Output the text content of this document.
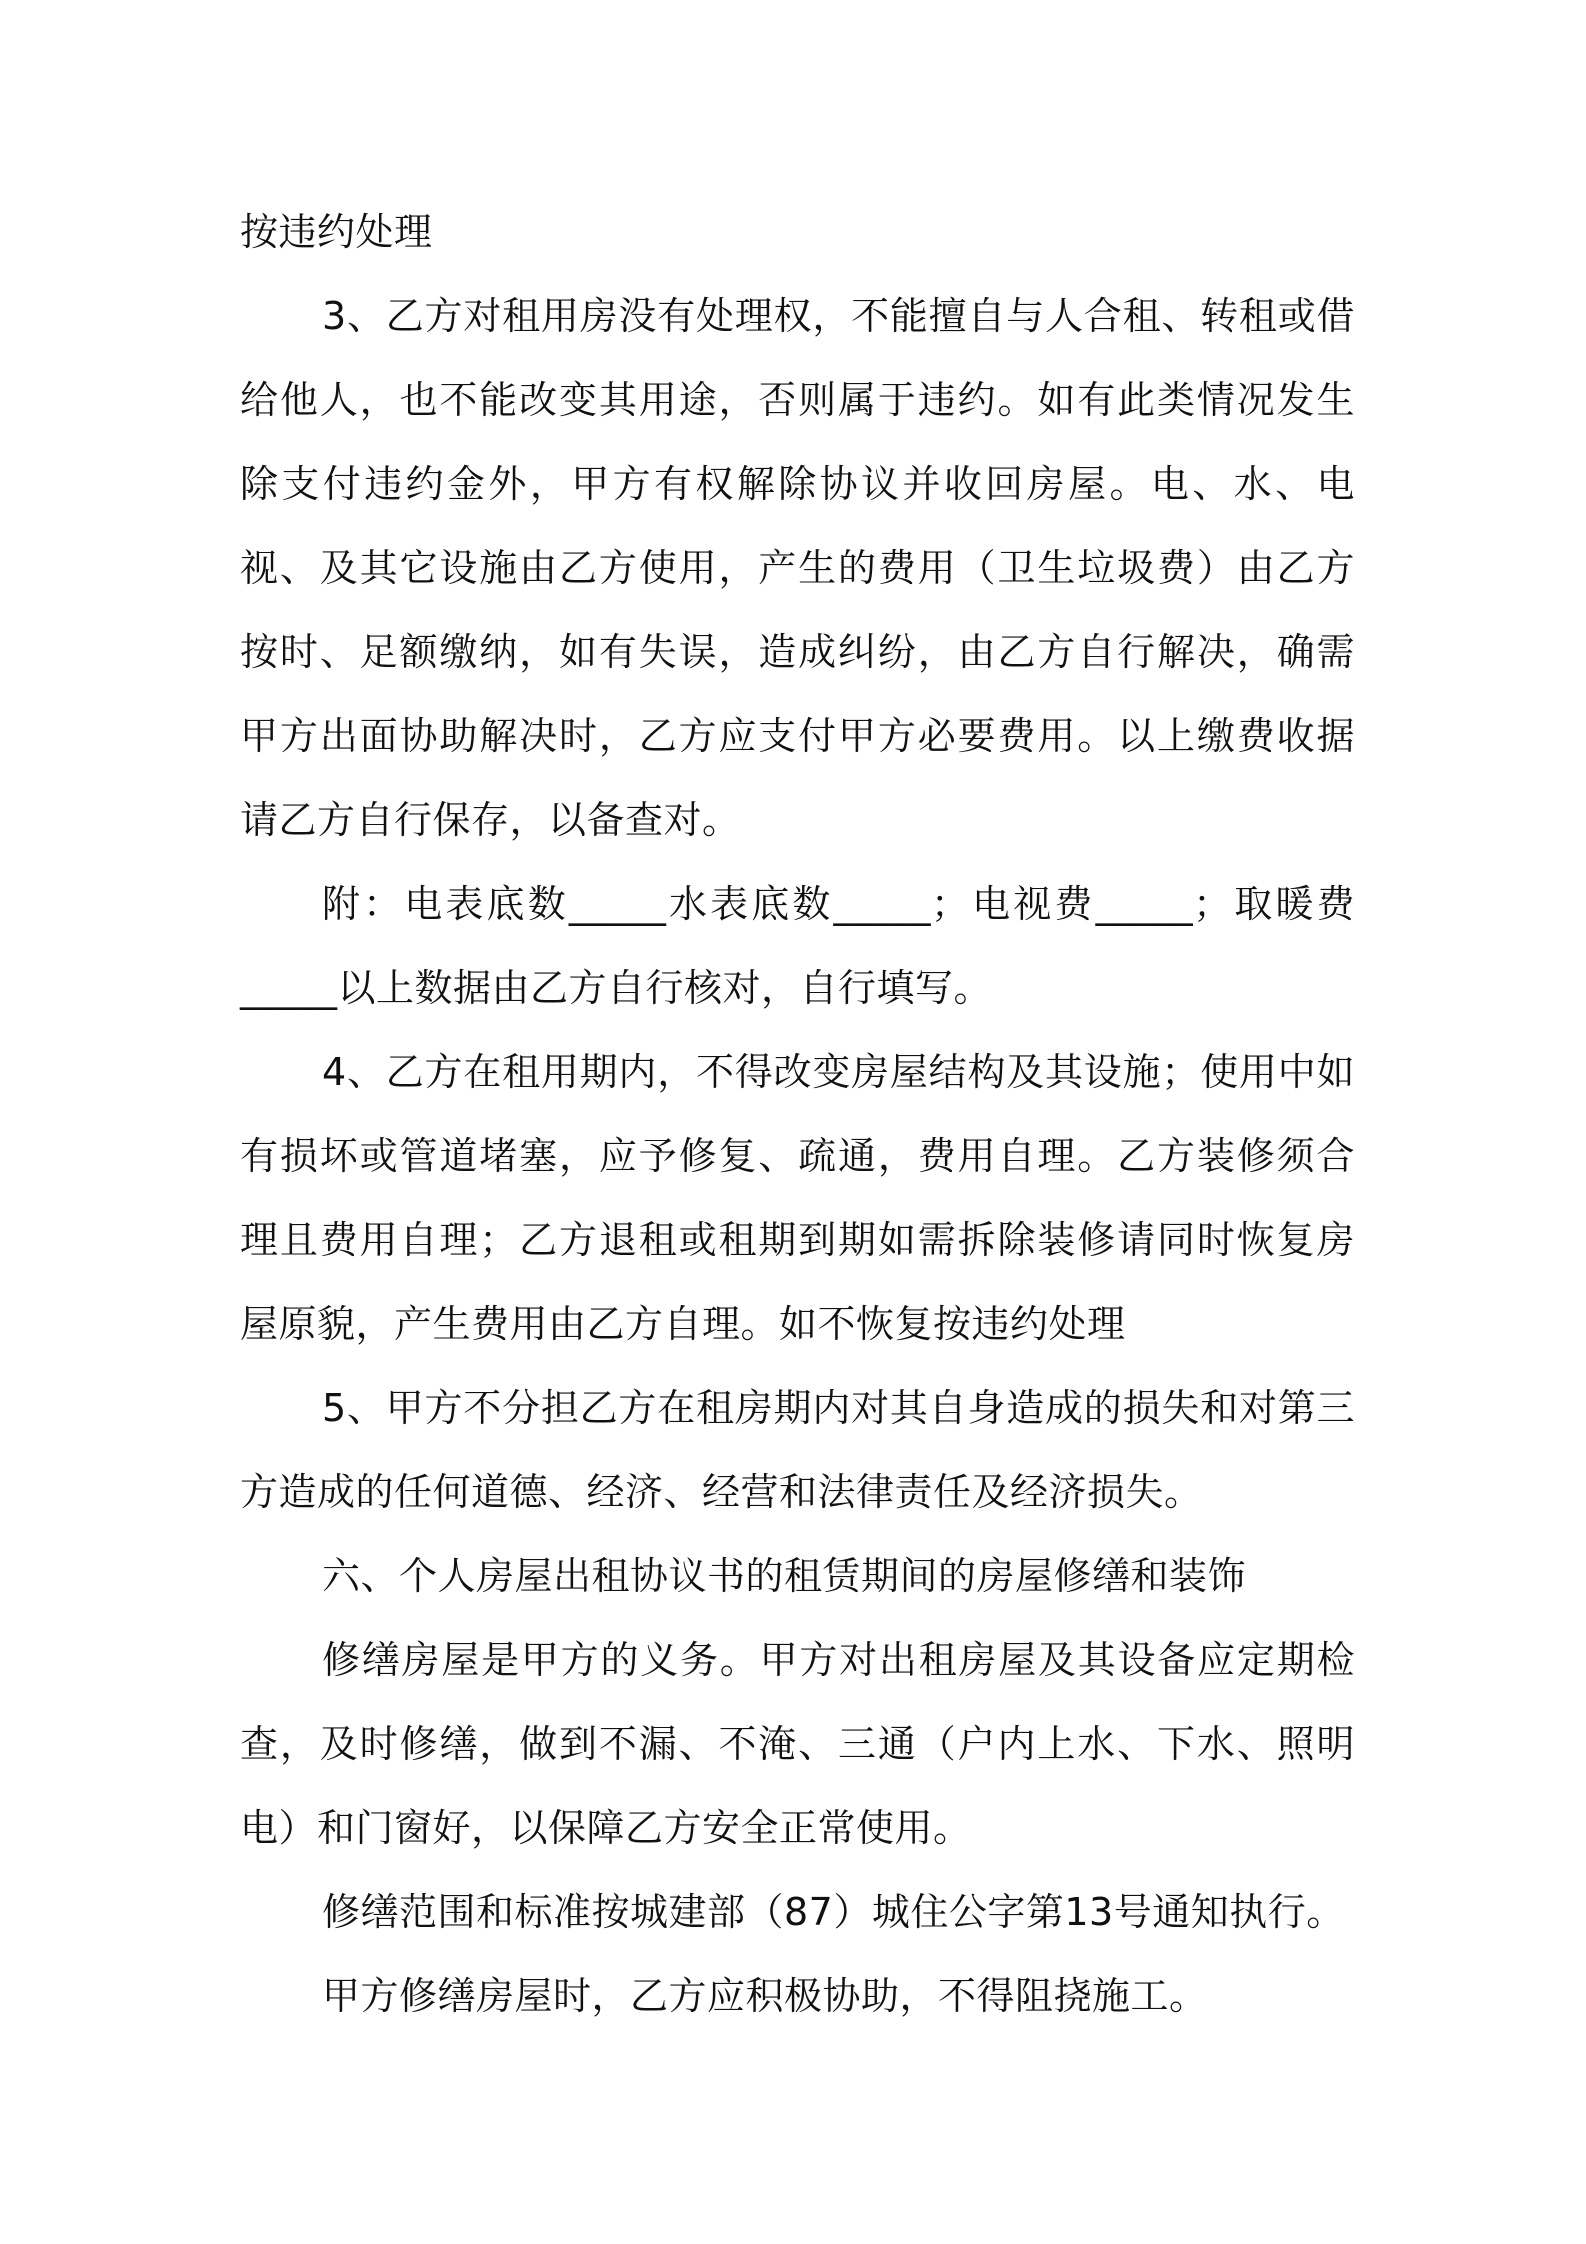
按违约处理

3、乙方对租用房没有处理权，不能擅自与人合租、转租或借给他人，也不能改变其用途，否则属于违约。如有此类情况发生除支付违约金外，甲方有权解除协议并收回房屋。电、水、电视、及其它设施由乙方使用，产生的费用（卫生垃圾费）由乙方按时、足额缴纳，如有失误，造成纠纷，由乙方自行解决，确需甲方出面协助解决时，乙方应支付甲方必要费用。以上缴费收据请乙方自行保存，以备查对。

附：电表底数_____水表底数_____；电视费_____；取暖费_____以上数据由乙方自行核对，自行填写。

4、乙方在租用期内，不得改变房屋结构及其设施；使用中如有损坏或管道堵塞，应予修复、疏通，费用自理。乙方装修须合理且费用自理；乙方退租或租期到期如需拆除装修请同时恢复房屋原貌，产生费用由乙方自理。如不恢复按违约处理

5、甲方不分担乙方在租房期内对其自身造成的损失和对第三方造成的任何道德、经济、经营和法律责任及经济损失。

六、个人房屋出租协议书的租赁期间的房屋修缮和装饰

修缮房屋是甲方的义务。甲方对出租房屋及其设备应定期检查，及时修缮，做到不漏、不淹、三通（户内上水、下水、照明电）和门窗好，以保障乙方安全正常使用。

修缮范围和标准按城建部（87）城住公字第13号通知执行。

甲方修缮房屋时，乙方应积极协助，不得阻挠施工。
